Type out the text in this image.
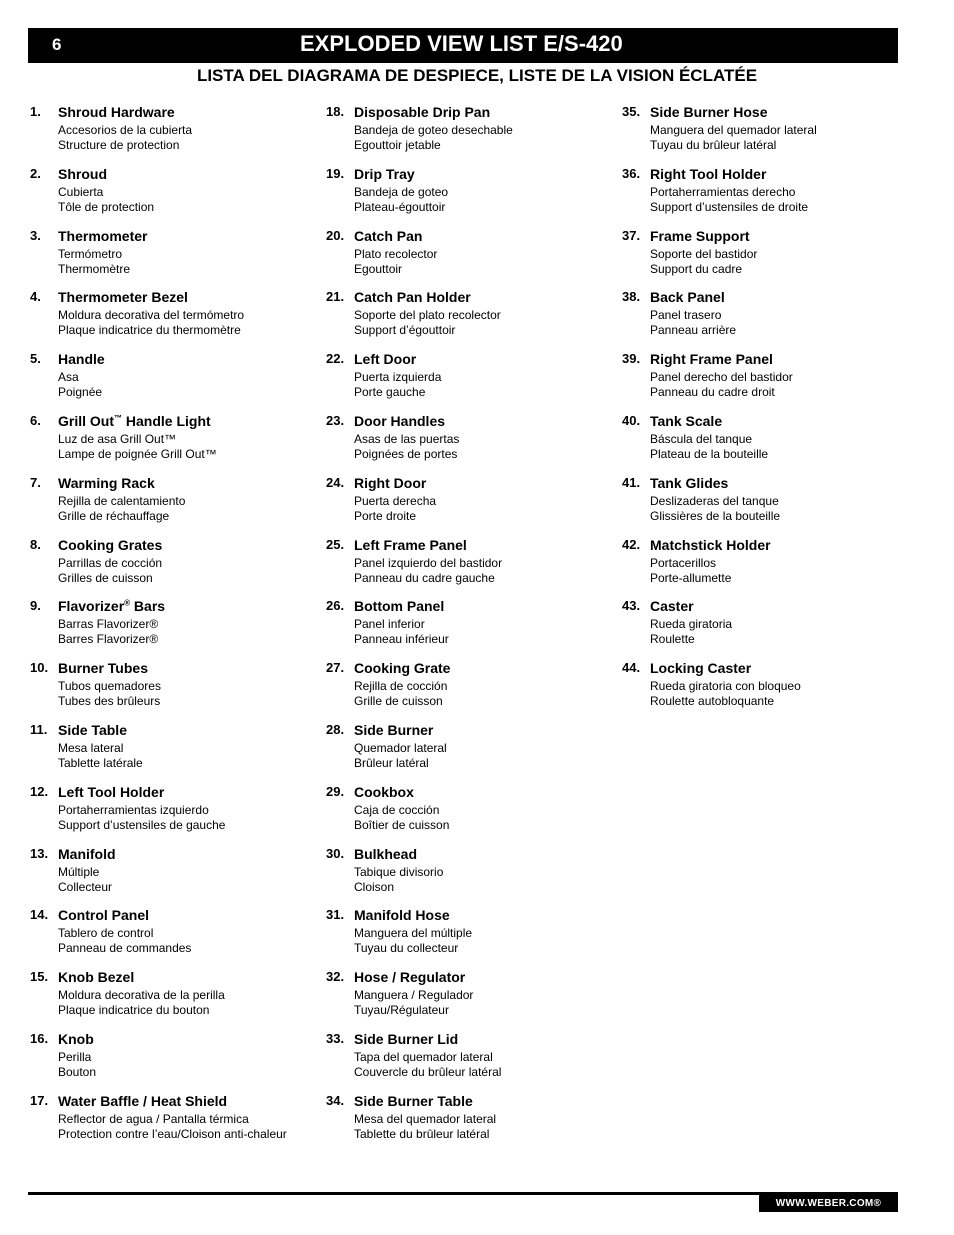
6	EXPLODED VIEW LIST E/S-420
LISTA DEL DIAGRAMA DE DESPIECE, LISTE DE LA VISION ÉCLATÉE
1. Shroud Hardware
Accesorios de la cubierta
Structure de protection
2. Shroud
Cubierta
Tôle de protection
3. Thermometer
Termómetro
Thermomètre
4. Thermometer Bezel
Moldura decorativa del termómetro
Plaque indicatrice du thermomètre
5. Handle
Asa
Poignée
6. Grill Out™ Handle Light
Luz de asa Grill Out™
Lampe de poignée Grill Out™
7. Warming Rack
Rejilla de calentamiento
Grille de réchauffage
8. Cooking Grates
Parrillas de cocción
Grilles de cuisson
9. Flavorizer® Bars
Barras Flavorizer®
Barres Flavorizer®
10. Burner Tubes
Tubos quemadores
Tubes des brûleurs
11. Side Table
Mesa lateral
Tablette latérale
12. Left Tool Holder
Portaherramientas izquierdo
Support d’ustensiles de gauche
13. Manifold
Múltiple
Collecteur
14. Control Panel
Tablero de control
Panneau de commandes
15. Knob Bezel
Moldura decorativa de la perilla
Plaque indicatrice du bouton
16. Knob
Perilla
Bouton
17. Water Baffle / Heat Shield
Reflector de agua / Pantalla térmica
Protection contre l’eau/Cloison anti-chaleur
18. Disposable Drip Pan
Bandeja de goteo desechable
Egouttoir jetable
19. Drip Tray
Bandeja de goteo
Plateau-égouttoir
20. Catch Pan
Plato recolector
Egouttoir
21. Catch Pan Holder
Soporte del plato recolector
Support d’égouttoir
22. Left Door
Puerta izquierda
Porte gauche
23. Door Handles
Asas de las puertas
Poignées de portes
24. Right Door
Puerta derecha
Porte droite
25. Left Frame Panel
Panel izquierdo del bastidor
Panneau du cadre gauche
26. Bottom Panel
Panel inferior
Panneau inférieur
27. Cooking Grate
Rejilla de cocción
Grille de cuisson
28. Side Burner
Quemador lateral
Brûleur latéral
29. Cookbox
Caja de cocción
Boîtier de cuisson
30. Bulkhead
Tabique divisorio
Cloison
31. Manifold Hose
Manguera del múltiple
Tuyau du collecteur
32. Hose / Regulator
Manguera / Regulador
Tuyau/Régulateur
33. Side Burner Lid
Tapa del quemador lateral
Couvercle du brûleur latéral
34. Side Burner Table
Mesa del quemador lateral
Tablette du brûleur latéral
35. Side Burner Hose
Manguera del quemador lateral
Tuyau du brûleur latéral
36. Right Tool Holder
Portaherramientas derecho
Support d’ustensiles de droite
37. Frame Support
Soporte del bastidor
Support du cadre
38. Back Panel
Panel trasero
Panneau arrière
39. Right Frame Panel
Panel derecho del bastidor
Panneau du cadre droit
40. Tank Scale
Báscula del tanque
Plateau de la bouteille
41. Tank Glides
Deslizaderas del tanque
Glissières de la bouteille
42. Matchstick Holder
Portacerillos
Porte-allumette
43. Caster
Rueda giratoria
Roulette
44. Locking Caster
Rueda giratoria con bloqueo
Roulette autobloquante
WWW.WEBER.COM®
